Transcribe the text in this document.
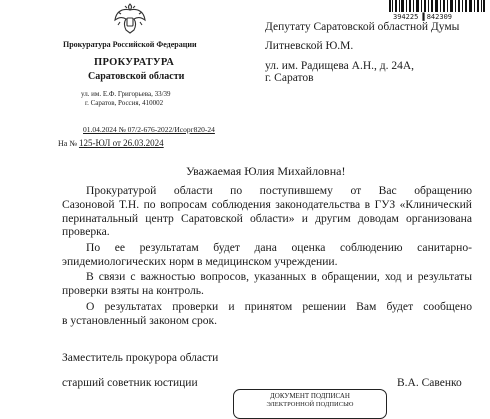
Прокуратура Российской Федерации
ПРОКУРАТУРА
Саратовской области
ул. им. Е.Ф. Григорьева, 33/39
г. Саратов, Россия, 410002
01.04.2024 № 07/2-676-2022/Исорг820-24
На № 125-ЮЛ от 26.03.2024
394225 ▌842309
Депутату Саратовской областной Думы
Литневской Ю.М.
ул. им. Радищева А.Н., д. 24А,
г. Саратов
Уважаемая Юлия Михайловна!
Прокуратурой области по поступившему от Вас обращению
Сазоновой Т.Н. по вопросам соблюдения законодательства в ГУЗ «Клинический
перинатальный центр Саратовской области» и другим доводам организована
проверка.
По ее результатам будет дана оценка соблюдению санитарно-
эпидемиологических норм в медицинском учреждении.
В связи с важностью вопросов, указанных в обращении, ход и результаты
проверки взяты на контроль.
О результатах проверки и принятом решении Вам будет сообщено
в установленный законом срок.
Заместитель прокурора области
старший советник юстиции	В.А. Савенко
ДОКУМЕНТ ПОДПИСАН
ЭЛЕКТРОННОЙ ПОДПИСЬЮ
